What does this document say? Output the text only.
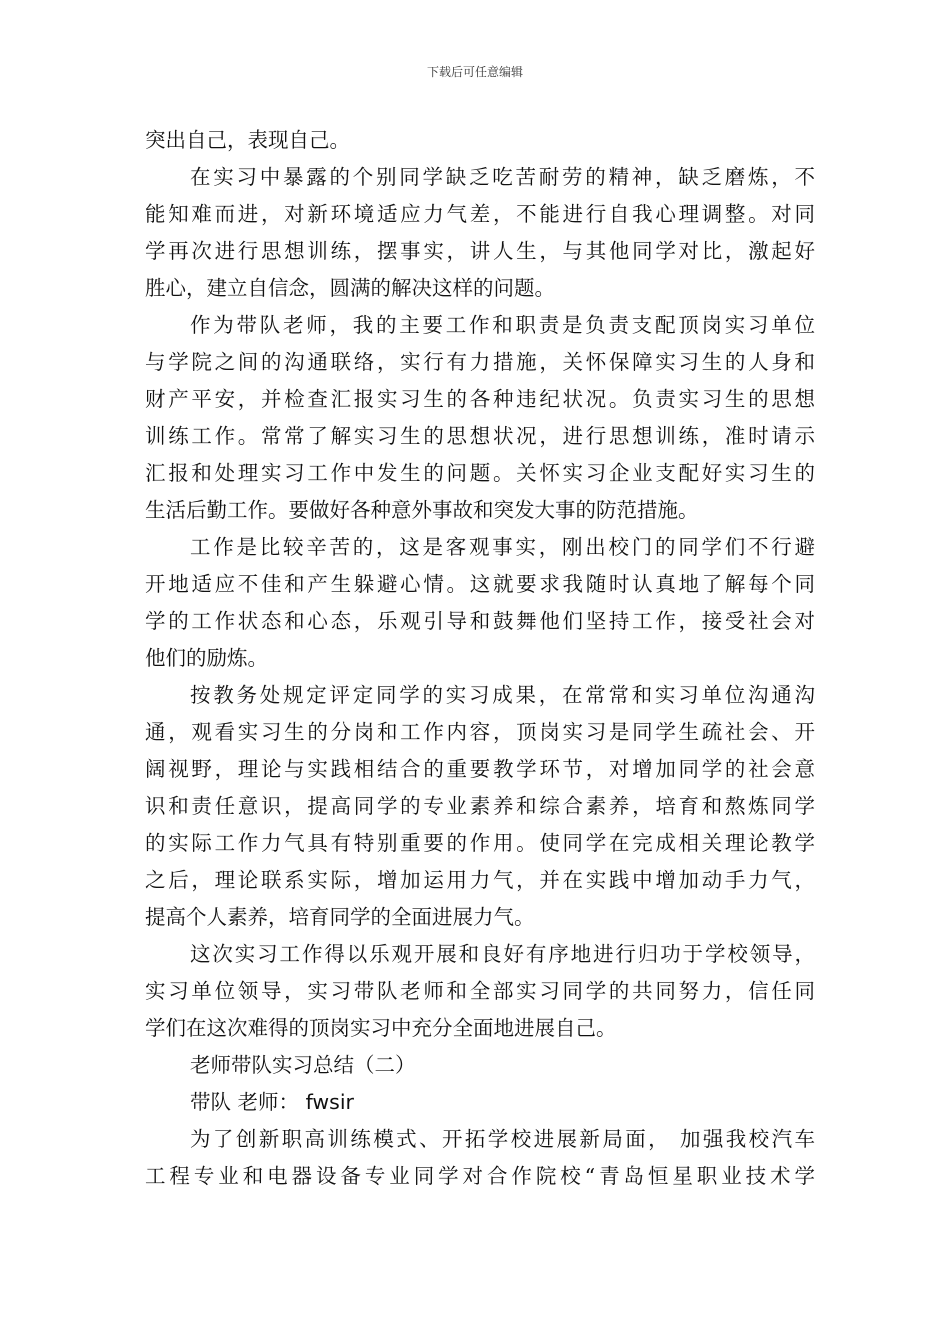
下载后可任意编辑
突出自己，表现自己。
在实习中暴露的个别同学缺乏吃苦耐劳的精神，缺乏磨炼，不
能知难而进，对新环境适应力气差，不能进行自我心理调整。对同
学再次进行思想训练，摆事实，讲人生，与其他同学对比，激起好
胜心，建立自信念，圆满的解决这样的问题。
作为带队老师，我的主要工作和职责是负责支配顶岗实习单位
与学院之间的沟通联络，实行有力措施，关怀保障实习生的人身和
财产平安，并检查汇报实习生的各种违纪状况。负责实习生的思想
训练工作。常常了解实习生的思想状况，进行思想训练，准时请示
汇报和处理实习工作中发生的问题。关怀实习企业支配好实习生的
生活后勤工作。要做好各种意外事故和突发大事的防范措施。
工作是比较辛苦的，这是客观事实，刚出校门的同学们不行避
开地适应不佳和产生躲避心情。这就要求我随时认真地了解每个同
学的工作状态和心态，乐观引导和鼓舞他们坚持工作，接受社会对
他们的励炼。
按教务处规定评定同学的实习成果，在常常和实习单位沟通沟
通，观看实习生的分岗和工作内容，顶岗实习是同学生疏社会、开
阔视野，理论与实践相结合的重要教学环节，对增加同学的社会意
识和责任意识，提高同学的专业素养和综合素养，培育和熬炼同学
的实际工作力气具有特别重要的作用。使同学在完成相关理论教学
之后，理论联系实际，增加运用力气，并在实践中增加动手力气，
提高个人素养，培育同学的全面进展力气。
这次实习工作得以乐观开展和良好有序地进行归功于学校领导，
实习单位领导，实习带队老师和全部实习同学的共同努力，信任同
学们在这次难得的顶岗实习中充分全面地进展自己。
老师带队实习总结（二）
带队 老师： fwsir
为了创新职高训练模式、开拓学校进展新局面， 加强我校汽车
工程专业和电器设备专业同学对合作院校“青岛恒星职业技术学
